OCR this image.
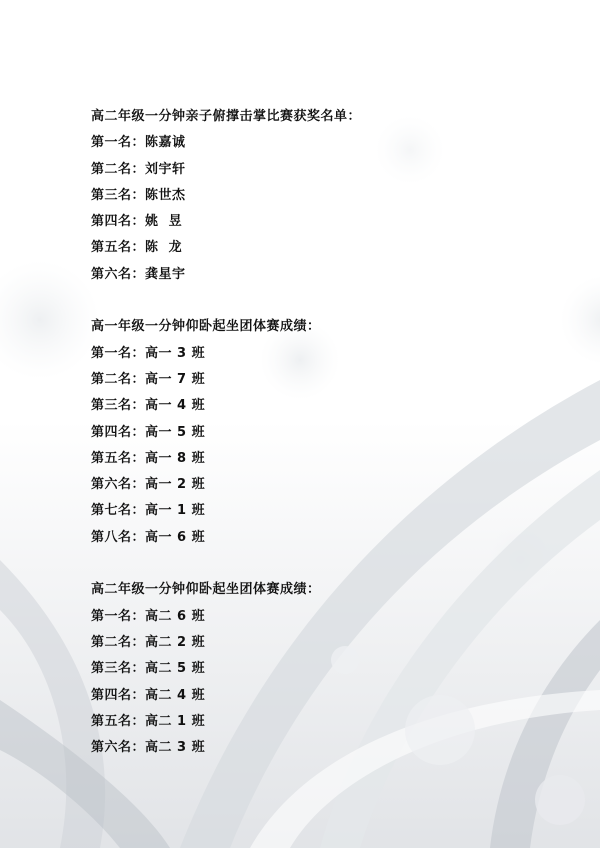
高二年级一分钟亲子俯撑击掌比赛获奖名单：
第一名：陈嘉诚
第二名：刘宇轩
第三名：陈世杰
第四名：姚  昱
第五名：陈  龙
第六名：龚星宇
高一年级一分钟仰卧起坐团体赛成绩：
第一名：高一 3 班
第二名：高一 7 班
第三名：高一 4 班
第四名：高一 5 班
第五名：高一 8 班
第六名：高一 2 班
第七名：高一 1 班
第八名：高一 6 班
高二年级一分钟仰卧起坐团体赛成绩：
第一名：高二 6 班
第二名：高二 2 班
第三名：高二 5 班
第四名：高二 4 班
第五名：高二 1 班
第六名：高二 3 班
